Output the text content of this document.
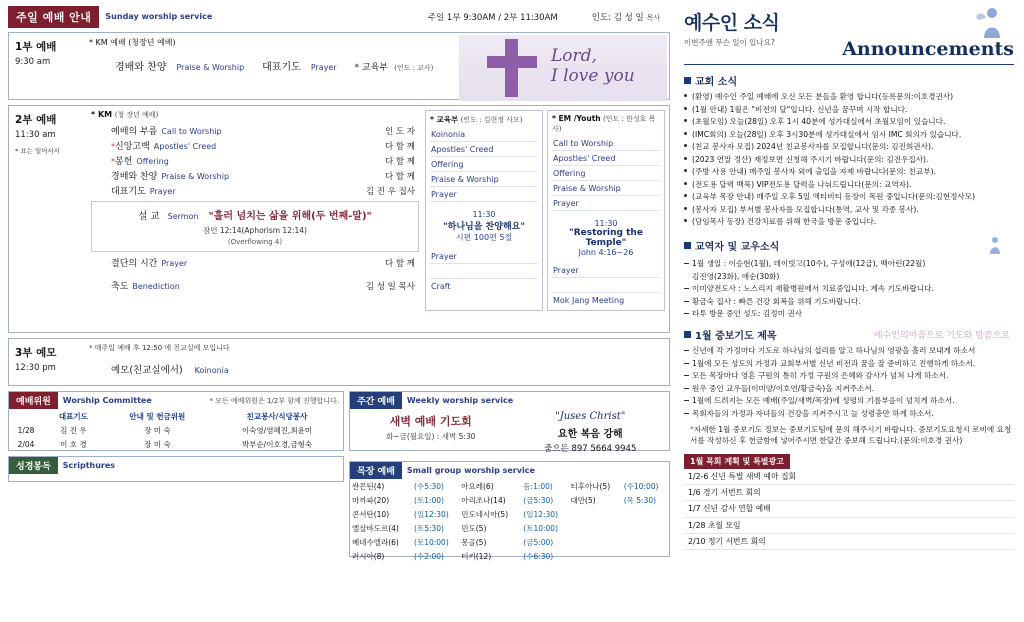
주일 예배 안내	Sunday worship service	주일 1부 9:30AM / 2부 11:30AM	인도: 김 성 일 목사
Lord,
I love you
1부 예배
9:30 am
* KM 예배 (청장년 예배)
경배와 찬양 Praise & Worship 대표기도 Prayer * 교육부 (인도 : 교사)
2부 예배
11:30 am
* 표는 일어서서
* KM (청 장년 예배)
예배의 부름 Call to Worship	인 도 자
* 신앙고백 Apostles' Creed	다 함 께
* 봉헌 Offering	다 함 께
경배와 찬양 Praise & Worship	다 함 께
대표기도 Prayer	김 진 우 집사
설 교 Sermon "흘러 넘치는 삶을 위해(두 번째-말)"
잠언 12:14(Aphorism 12:14)
(Overflowing 4)
결단의 시간 Prayer	다 함 께
축도 Benediction	김 성 일 목사
* 교육부 (인도 : 김현정 사모)
Koinonia
Apostles' Creed
Offering
Praise & Worship
Prayer
11:30
"하나님을 찬양해요"
시편 100편 5절
Prayer

Craft
* EM /Youth (인도 : 한성호 목사)
Call to Worship
Apostles' Creed
Offering
Praise & Worship
Prayer
11:30
"Restoring the Temple"
John 4:16~26
Prayer

Mok Jang Meeting
3부 예모
12:30 pm
* 매주일 예배 후 12:50 에 친교실에 모입니다
예모(친교실에서) Koinonia
예배위원	Worship Committee	* 모든 예배위원은 1/2부 함께 진행합니다.
	대표기도	안내 및 헌금위원	친교봉사/식당봉사
1/28	김 진 우	장 미 숙	이숙영/염혜진,최윤미
2/04	이 호 경	장 미 숙	박부순/이호경,금형숙
성경봉독	Scripthures
주간 예배	Weekly worship service
새벽 예배 기도회
화~금(월요일) : 새벽 5:30
"Juses Christ"
요한 복음 강해
줌으든 897 5664 9945
목장 예배	Small group worship service
싼꼰틴(4)	(수5:30)	아요레(6)	듬:1:00)	티후아나(5)	(수10:00)
마까파(20)	(토1:00)	아리조나(14)	(금5:30)	대만(5)	(목 5:30)
콘서탄(10)	(일12:30)	민도네시아(5)	(일12:30)		
엘살바도르(4)	(토5:30)	민도(5)	(토10:00)		
베네수엘라(6)	(토10:00)	몽골(5)	(금5:00)		
러시아(8)	(수2:00)	터키(12)	(수6:30)		
예수인 소식
이번주엔 무슨 일이 있나요?	Announcements
교회 소식
(환영) 예수인 주일 예배에 오신 모든 분들을 환영 합니다(등록문의:이호경권사)
(1월 안내) 1월은 "비전의 달"입니다. 신년을 꿈꾸며 시작 합니다.
(초월모임) 오늘(28일) 오후 1시 40분에 성가대실에서 초월모임이 있습니다.
(IMC회의) 오늘(28일) 오후 3시30분에 성가대실에서 임시 IMC 회의가 있습니다.
(친교 봉사자 모집) 2024년 친교봉사자를 모집합니다(문의: 김진희권사).
(2023 연말 정산) 재정보면 신청해 주시기 바랍니다(문의: 김진우집사).
(주방 사용 안내) 매주일 봉사자 외에 출입을 자제 바랍니다(문의: 친교부).
(전도용 달력 백묵) VIP전도용 달력을 나눠드립니다(문의: 교역자).
(교육부 목장 안내) 매주일 오후 5일 액티비티 동장이 목원 중입니다(문의:김현정사모)
(봉사자 모집) 부서별 봉사자를 모집합니다(통역, 교사 및 각종 봉사).
(담임목사 동장) 건강치료를 위해 한국을 방문 중입니다.
교역자 및 교우소식
1월 생일 : 이승현(1월), 데이빗고(10수), 구성애(12급), 백아린(22월)
김진영(23화), 애순(30화)
이미양전도사 : 노스리지 재활병원에서 치료중입니다. 계속 기도바랍니다.
황금숙 집사 : 빠른 건강 회복을 위해 기도바랍니다.
타투 방문 중인 성도: 김정미 권사
1월 중보기도 제목	예수인의마음으로 기도와 말씀으로
신년에 각 가정마다 기도로 하나님의 섭리를 알고 하나님의 영광을 흘러 보내게 하소서
1월에 모든 성도의 가정과 교회부서별 신년 비전과 꿈을 잘 준비하고 진행하게 하소서.
모든 목장마다 영혼 구원의 통히 가정 구원의 은혜와 감사가 넘쳐 나게 하소서.
원우 중인 교우들(이미양/이호연/황금숙)을 지켜주소서.
1월에 드려지는 모든 예배(주일/새벽/목장)에 성령의 기름부음이 넘치게 하소서.
목회자들의 가정과 자녀들의 건강을 지켜주시고 늘 성령충만 하게 하소서.
*자세한 1월 중보기도 정보는 중보기도팀에 문의 해주시기 바랍니다. 중보기도요청시 로비에 요청서를 작성하신 후 헌금함에 넣어주시면 한달간 중보해 드립니다.(문의:이호경 권사)
1월 목회 계획 및 특별광고
1/2-6 신년 특별 새벽 예마 집회
1/6 경기 서번트 회의
1/7 신년 감사 연합 예배
1/28 초월 모임
2/10 정기 서번트 회의
